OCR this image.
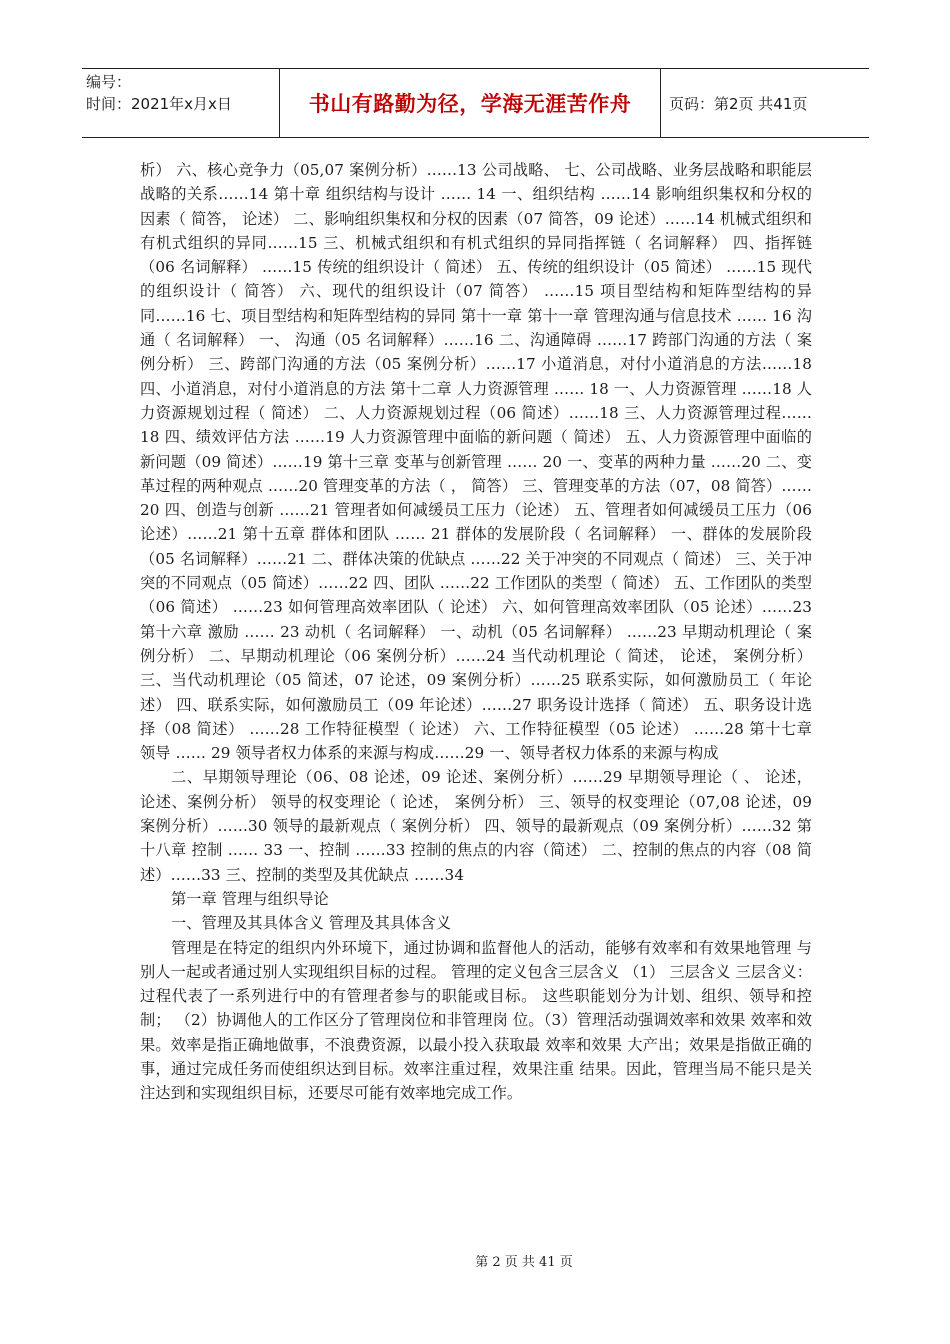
编号：
时间：2021年x月x日	书山有路勤为径，学海无涯苦作舟	页码：第2页 共41页

析） 六、核心竞争力（05,07 案例分析）……13 公司战略、 七、公司战略、业务层战略和职能层战略的关系……14 第十章 组织结构与设计 …… 14 一、组织结构 ……14 影响组织集权和分权的因素（ 简答， 论述） 二、影响组织集权和分权的因素（07 简答，09 论述）……14 机械式组织和有机式组织的异同……15 三、机械式组织和有机式组织的异同指挥链（ 名词解释） 四、指挥链（06 名词解释） ……15 传统的组织设计（ 简述） 五、传统的组织设计（05 简述） ……15 现代的组织设计（ 简答） 六、现代的组织设计（07 简答） ……15 项目型结构和矩阵型结构的异同……16 七、项目型结构和矩阵型结构的异同 第十一章 第十一章 管理沟通与信息技术 …… 16 沟通（ 名词解释） 一、 沟通（05 名词解释）……16 二、沟通障碍 ……17 跨部门沟通的方法（ 案例分析） 三、跨部门沟通的方法（05 案例分析）……17 小道消息，对付小道消息的方法……18 四、小道消息，对付小道消息的方法 第十二章 人力资源管理 …… 18 一、人力资源管理 ……18 人力资源规划过程（ 简述） 二、人力资源规划过程（06 简述）……18 三、人力资源管理过程……18 四、绩效评估方法 ……19 人力资源管理中面临的新问题（ 简述） 五、人力资源管理中面临的新问题（09 简述）……19 第十三章 变革与创新管理 …… 20 一、变革的两种力量 ……20 二、变革过程的两种观点 ……20 管理变革的方法（ ， 简答） 三、管理变革的方法（07，08 简答）……20 四、创造与创新 ……21 管理者如何减缓员工压力（论述） 五、管理者如何减缓员工压力（06 论述）……21 第十五章 群体和团队 …… 21 群体的发展阶段（ 名词解释） 一、群体的发展阶段（05 名词解释）……21 二、群体决策的优缺点 ……22 关于冲突的不同观点（ 简述） 三、关于冲突的不同观点（05 简述）……22 四、团队 ……22 工作团队的类型（ 简述） 五、工作团队的类型（06 简述） ……23 如何管理高效率团队（ 论述） 六、如何管理高效率团队（05 论述）……23 第十六章 激励 …… 23 动机（ 名词解释） 一、动机（05 名词解释） ……23 早期动机理论（ 案例分析） 二、早期动机理论（06 案例分析）……24 当代动机理论（ 简述， 论述， 案例分析） 三、当代动机理论（05 简述，07 论述，09 案例分析）……25 联系实际，如何激励员工（ 年论述） 四、联系实际，如何激励员工（09 年论述）……27 职务设计选择（ 简述） 五、职务设计选择（08 简述） ……28 工作特征模型（ 论述） 六、工作特征模型（05 论述） ……28 第十七章 领导 …… 29 领导者权力体系的来源与构成……29 一、领导者权力体系的来源与构成

二、早期领导理论（06、08 论述，09 论述、案例分析）……29 早期领导理论（ 、 论述， 论述、案例分析） 领导的权变理论（ 论述， 案例分析） 三、领导的权变理论（07,08 论述，09 案例分析）……30 领导的最新观点（ 案例分析） 四、领导的最新观点（09 案例分析）……32 第十八章 控制 …… 33 一、控制 ……33 控制的焦点的内容（简述） 二、控制的焦点的内容（08 简述）……33 三、控制的类型及其优缺点 ……34

第一章 管理与组织导论

一、管理及其具体含义 管理及其具体含义

管理是在特定的组织内外环境下，通过协调和监督他人的活动，能够有效率和有效果地管理 与别人一起或者通过别人实现组织目标的过程。 管理的定义包含三层含义 （1） 三层含义 三层含义： 过程代表了一系列进行中的有管理者参与的职能或目标。 这些职能划分为计划、组织、领导和控制； （2）协调他人的工作区分了管理岗位和非管理岗 位。（3）管理活动强调效率和效果 效率和效果。效率是指正确地做事，不浪费资源，以最小投入获取最 效率和效果 大产出；效果是指做正确的事，通过完成任务而使组织达到目标。效率注重过程，效果注重 结果。因此，管理当局不能只是关注达到和实现组织目标，还要尽可能有效率地完成工作。

第 2 页 共 41 页
